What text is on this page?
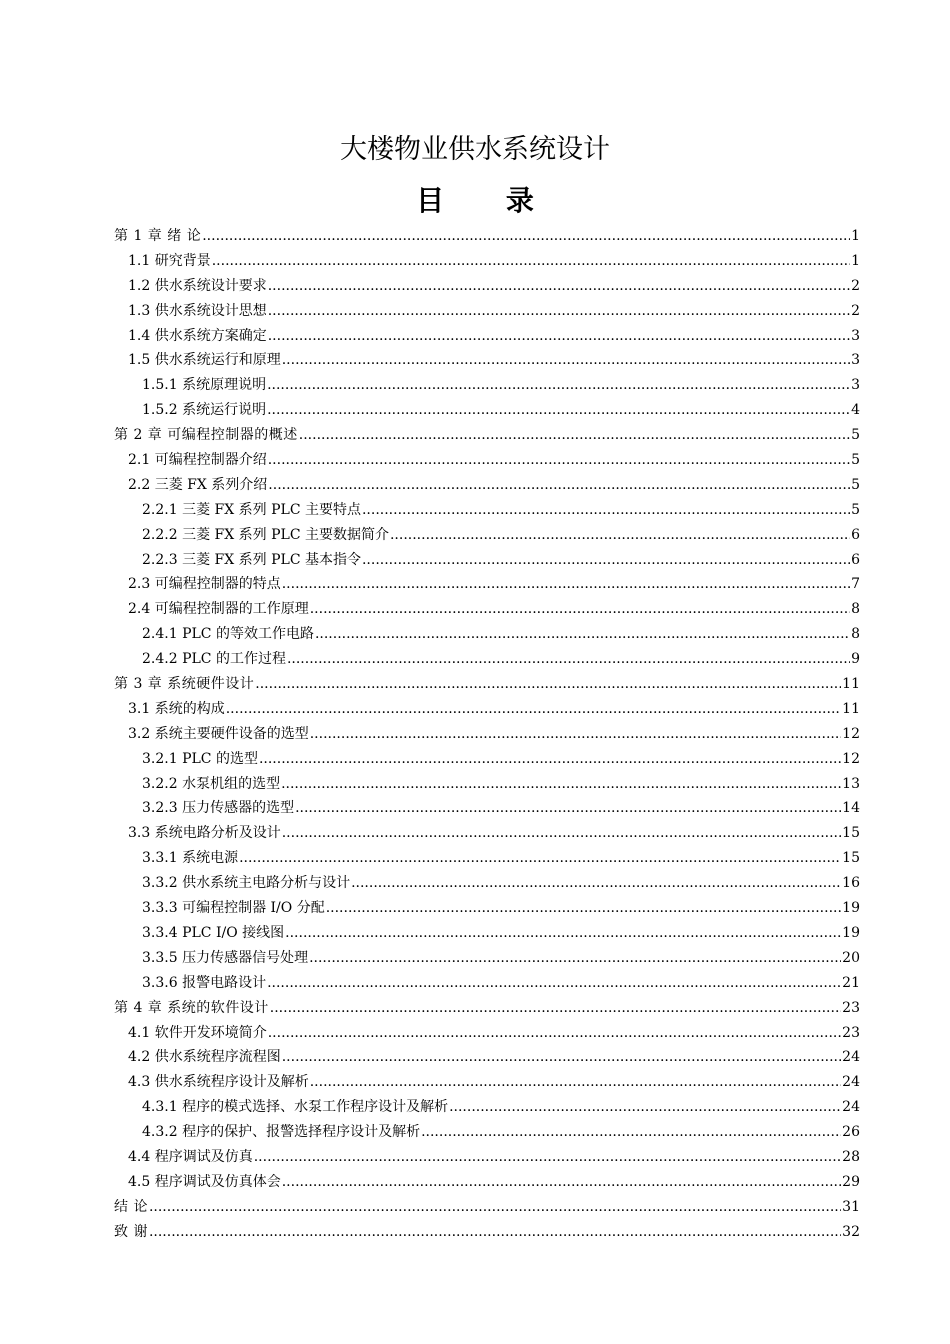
大楼物业供水系统设计
目 录
第 1 章 绪 论 .....	1
1.1 研究背景 .....	1
1.2 供水系统设计要求 .....	2
1.3 供水系统设计思想 .....	2
1.4 供水系统方案确定 .....	3
1.5 供水系统运行和原理 .....	3
1.5.1 系统原理说明 .....	3
1.5.2 系统运行说明 .....	4
第 2 章 可编程控制器的概述 .....	5
2.1 可编程控制器介绍 .....	5
2.2 三菱 FX 系列介绍 .....	5
2.2.1 三菱 FX 系列 PLC 主要特点 .....	5
2.2.2 三菱 FX 系列 PLC 主要数据简介 .....	6
2.2.3 三菱 FX 系列 PLC 基本指令 .....	6
2.3 可编程控制器的特点 .....	7
2.4 可编程控制器的工作原理 .....	8
2.4.1 PLC 的等效工作电路 .....	8
2.4.2 PLC 的工作过程 .....	9
第 3 章 系统硬件设计 .....	11
3.1 系统的构成 .....	11
3.2 系统主要硬件设备的选型 .....	12
3.2.1 PLC 的选型 .....	12
3.2.2 水泵机组的选型 .....	13
3.2.3 压力传感器的选型 .....	14
3.3 系统电路分析及设计 .....	15
3.3.1 系统电源 .....	15
3.3.2 供水系统主电路分析与设计 .....	16
3.3.3 可编程控制器 I/O 分配 .....	19
3.3.4 PLC I/O 接线图 .....	19
3.3.5 压力传感器信号处理 .....	20
3.3.6 报警电路设计 .....	21
第 4 章 系统的软件设计 .....	23
4.1 软件开发环境简介 .....	23
4.2 供水系统程序流程图 .....	24
4.3 供水系统程序设计及解析 .....	24
4.3.1 程序的模式选择、水泵工作程序设计及解析 .....	24
4.3.2 程序的保护、报警选择程序设计及解析 .....	26
4.4 程序调试及仿真 .....	28
4.5 程序调试及仿真体会 .....	29
结 论 .....	31
致 谢 .....	32
